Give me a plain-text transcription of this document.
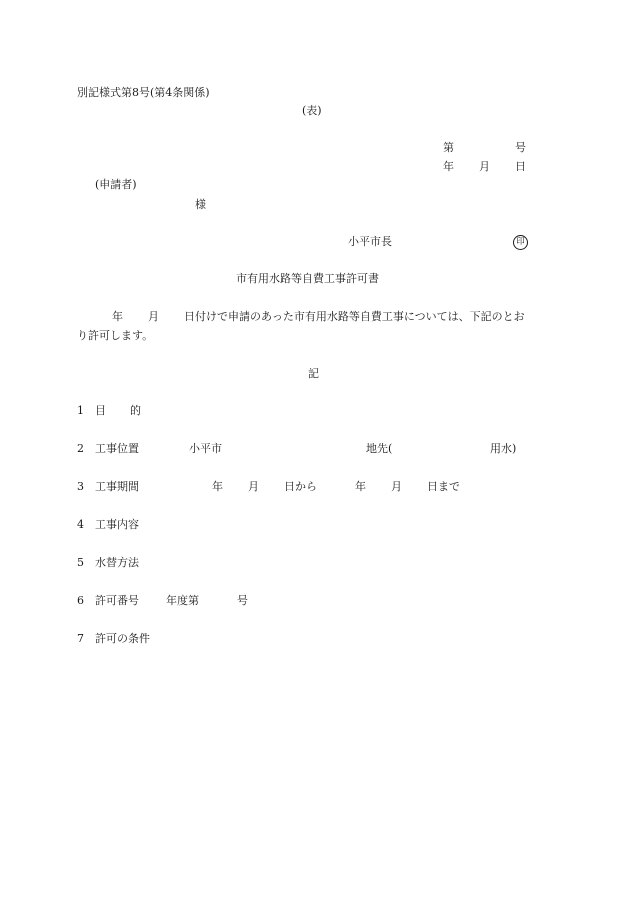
別記様式第8号(第4条関係)
(表)
第	号
年 月 日
(申請者)
様
小平市長	印
市有用水路等自費工事許可書
年 月 日付けで申請のあった市有用水路等自費工事については、下記のとお
り許可します。
記
1 目 的
2 工事位置	小平市	地先(	用水)
3 工事期間	年 月 日から	年 月 日まで
4 工事内容
5 水替方法
6 許可番号 年度第	号
7 許可の条件
